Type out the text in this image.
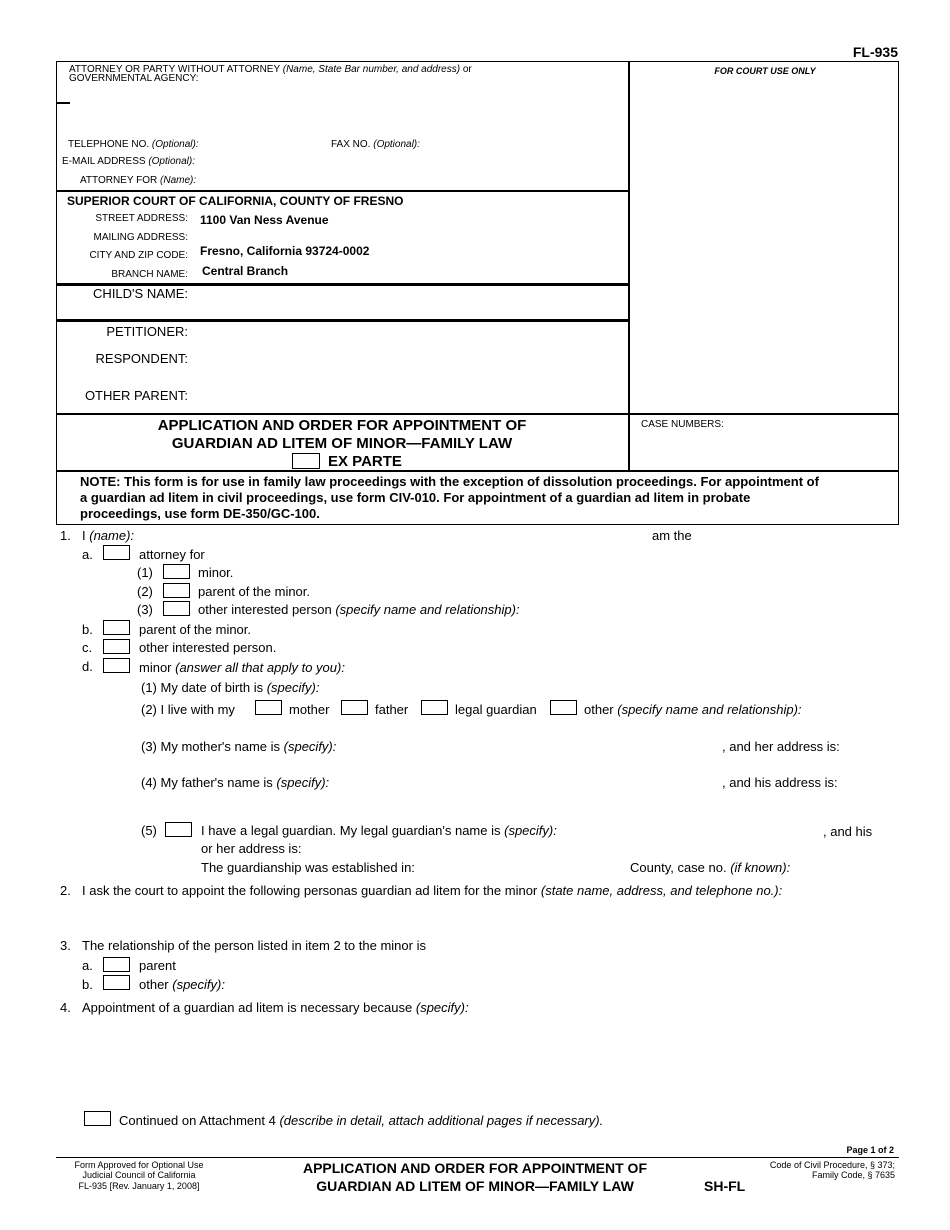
FL-935
ATTORNEY OR PARTY WITHOUT ATTORNEY (Name, State Bar number, and address) or
GOVERNMENTAL AGENCY:
TELEPHONE NO. (Optional):	FAX NO. (Optional):
E-MAIL ADDRESS (Optional):
ATTORNEY FOR (Name):
FOR COURT USE ONLY
SUPERIOR COURT OF CALIFORNIA, COUNTY OF FRESNO
STREET ADDRESS: 1100 Van Ness Avenue
MAILING ADDRESS:
CITY AND ZIP CODE: Fresno, California 93724-0002
BRANCH NAME: Central Branch
CHILD'S NAME:
PETITIONER:
RESPONDENT:
OTHER PARENT:
APPLICATION AND ORDER FOR APPOINTMENT OF
GUARDIAN AD LITEM OF MINOR—FAMILY LAW
EX PARTE
CASE NUMBERS:
NOTE: This form is for use in family law proceedings with the exception of dissolution proceedings. For appointment of
a guardian ad litem in civil proceedings, use form CIV-010. For appointment of a guardian ad litem in probate
proceedings, use form DE-350/GC-100.
1. I (name):	am the
a.	attorney for
(1)	minor.
(2)	parent of the minor.
(3)	other interested person (specify name and relationship):
b.	parent of the minor.
c.	other interested person.
d.	minor (answer all that apply to you):
(1) My date of birth is (specify):
(2) I live with my	mother	father	legal guardian	other (specify name and relationship):
(3) My mother's name is (specify):	, and her address is:
(4) My father's name is (specify):	, and his address is:
(5)	I have a legal guardian. My legal guardian's name is (specify):	, and his
or her address is:
The guardianship was established in:	County, case no. (if known):
2. I ask the court to appoint the following personas guardian ad litem for the minor (state name, address, and telephone no.):
3. The relationship of the person listed in item 2 to the minor is
a.	parent
b.	other (specify):
4. Appointment of a guardian ad litem is necessary because (specify):
Continued on Attachment 4 (describe in detail, attach additional pages if necessary).
Page 1 of 2
Form Approved for Optional Use
Judicial Council of California
FL-935 [Rev. January 1, 2008]
APPLICATION AND ORDER FOR APPOINTMENT OF
GUARDIAN AD LITEM OF MINOR—FAMILY LAW	SH-FL
Code of Civil Procedure, § 373;
Family Code, § 7635
